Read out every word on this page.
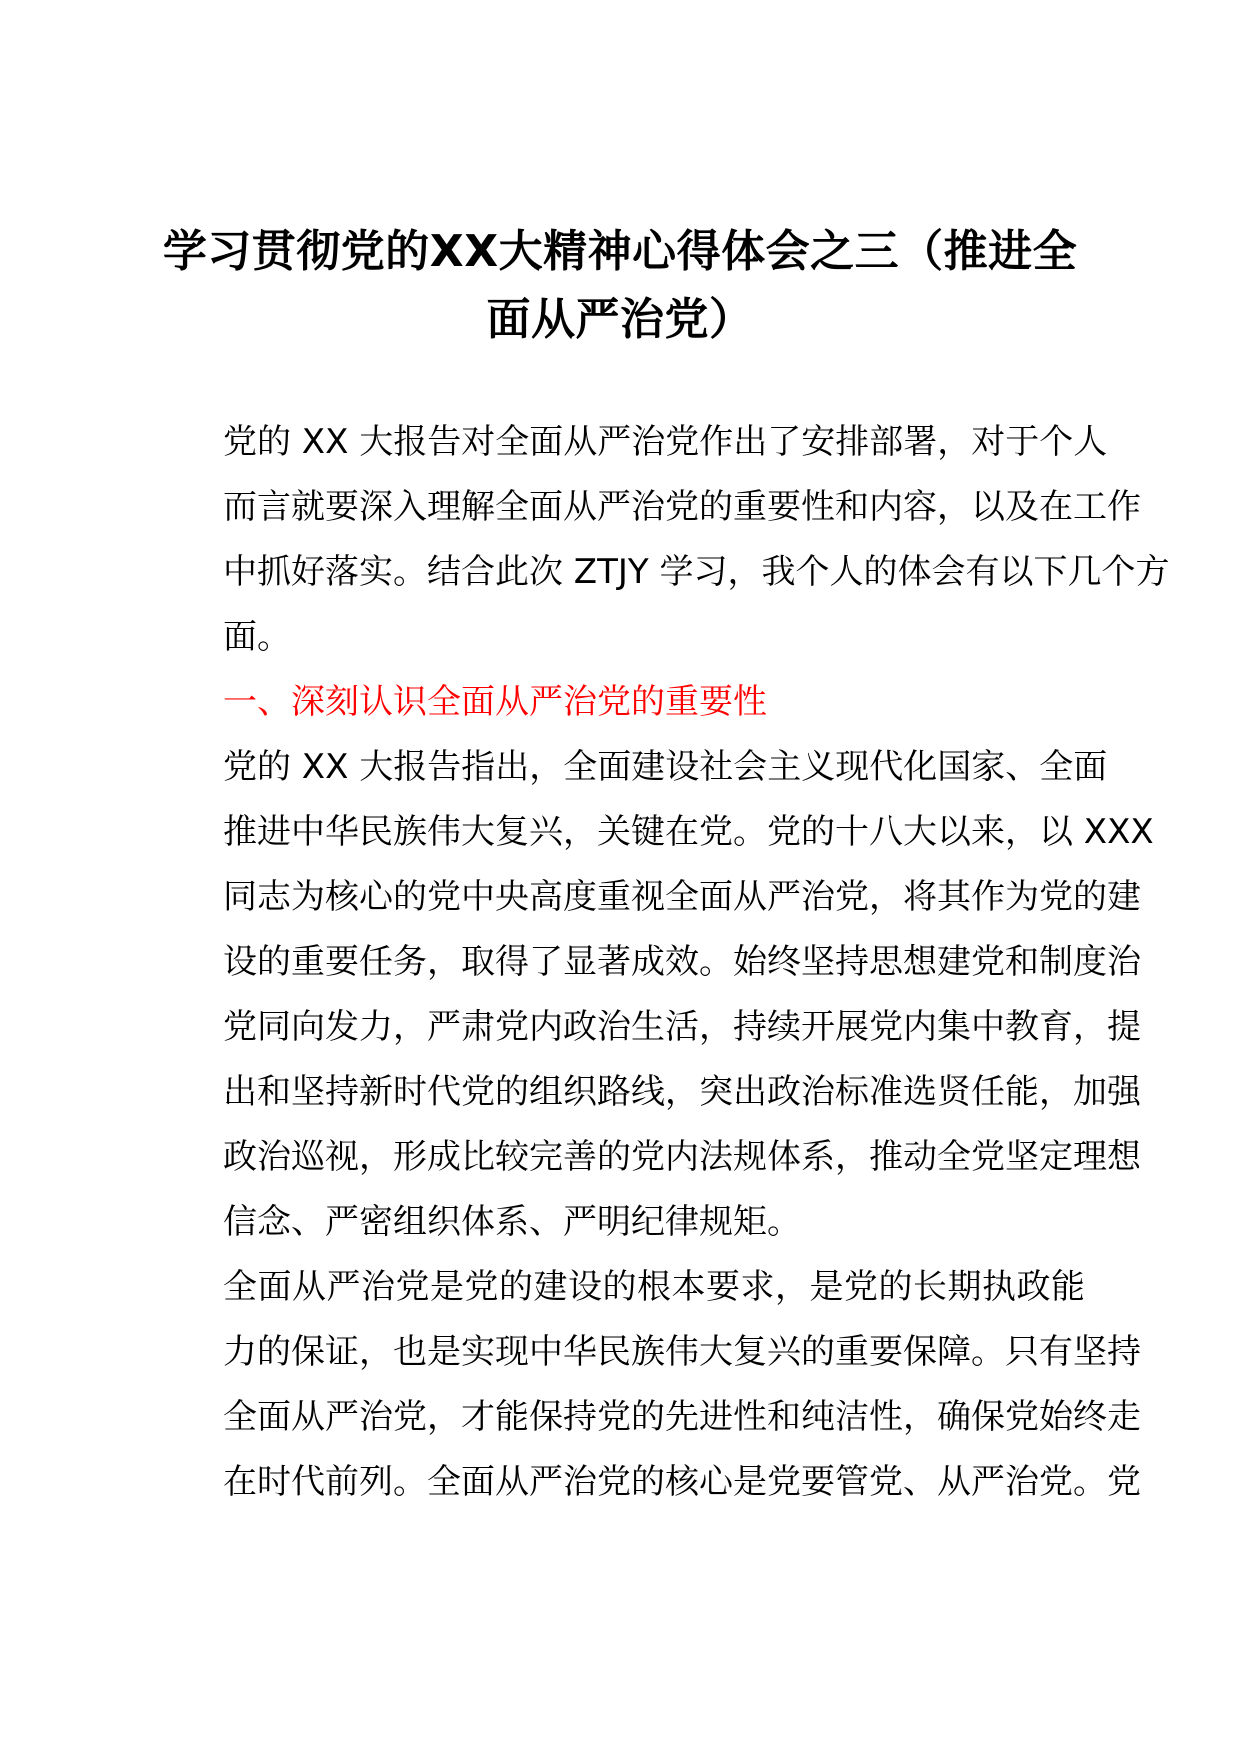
学习贯彻党的XX大精神心得体会之三（推进全面从严治党）

党的 XX 大报告对全面从严治党作出了安排部署，对于个人
而言就要深入理解全面从严治党的重要性和内容，以及在工作
中抓好落实。结合此次 ZTJY 学习，我个人的体会有以下几个方
面。

一、深刻认识全面从严治党的重要性

党的 XX 大报告指出，全面建设社会主义现代化国家、全面
推进中华民族伟大复兴，关键在党。党的十八大以来，以 XXX
同志为核心的党中央高度重视全面从严治党，将其作为党的建
设的重要任务，取得了显著成效。始终坚持思想建党和制度治
党同向发力，严肃党内政治生活，持续开展党内集中教育，提
出和坚持新时代党的组织路线，突出政治标准选贤任能，加强
政治巡视，形成比较完善的党内法规体系，推动全党坚定理想
信念、严密组织体系、严明纪律规矩。

全面从严治党是党的建设的根本要求，是党的长期执政能
力的保证，也是实现中华民族伟大复兴的重要保障。只有坚持
全面从严治党，才能保持党的先进性和纯洁性，确保党始终走
在时代前列。全面从严治党的核心是党要管党、从严治党。党
